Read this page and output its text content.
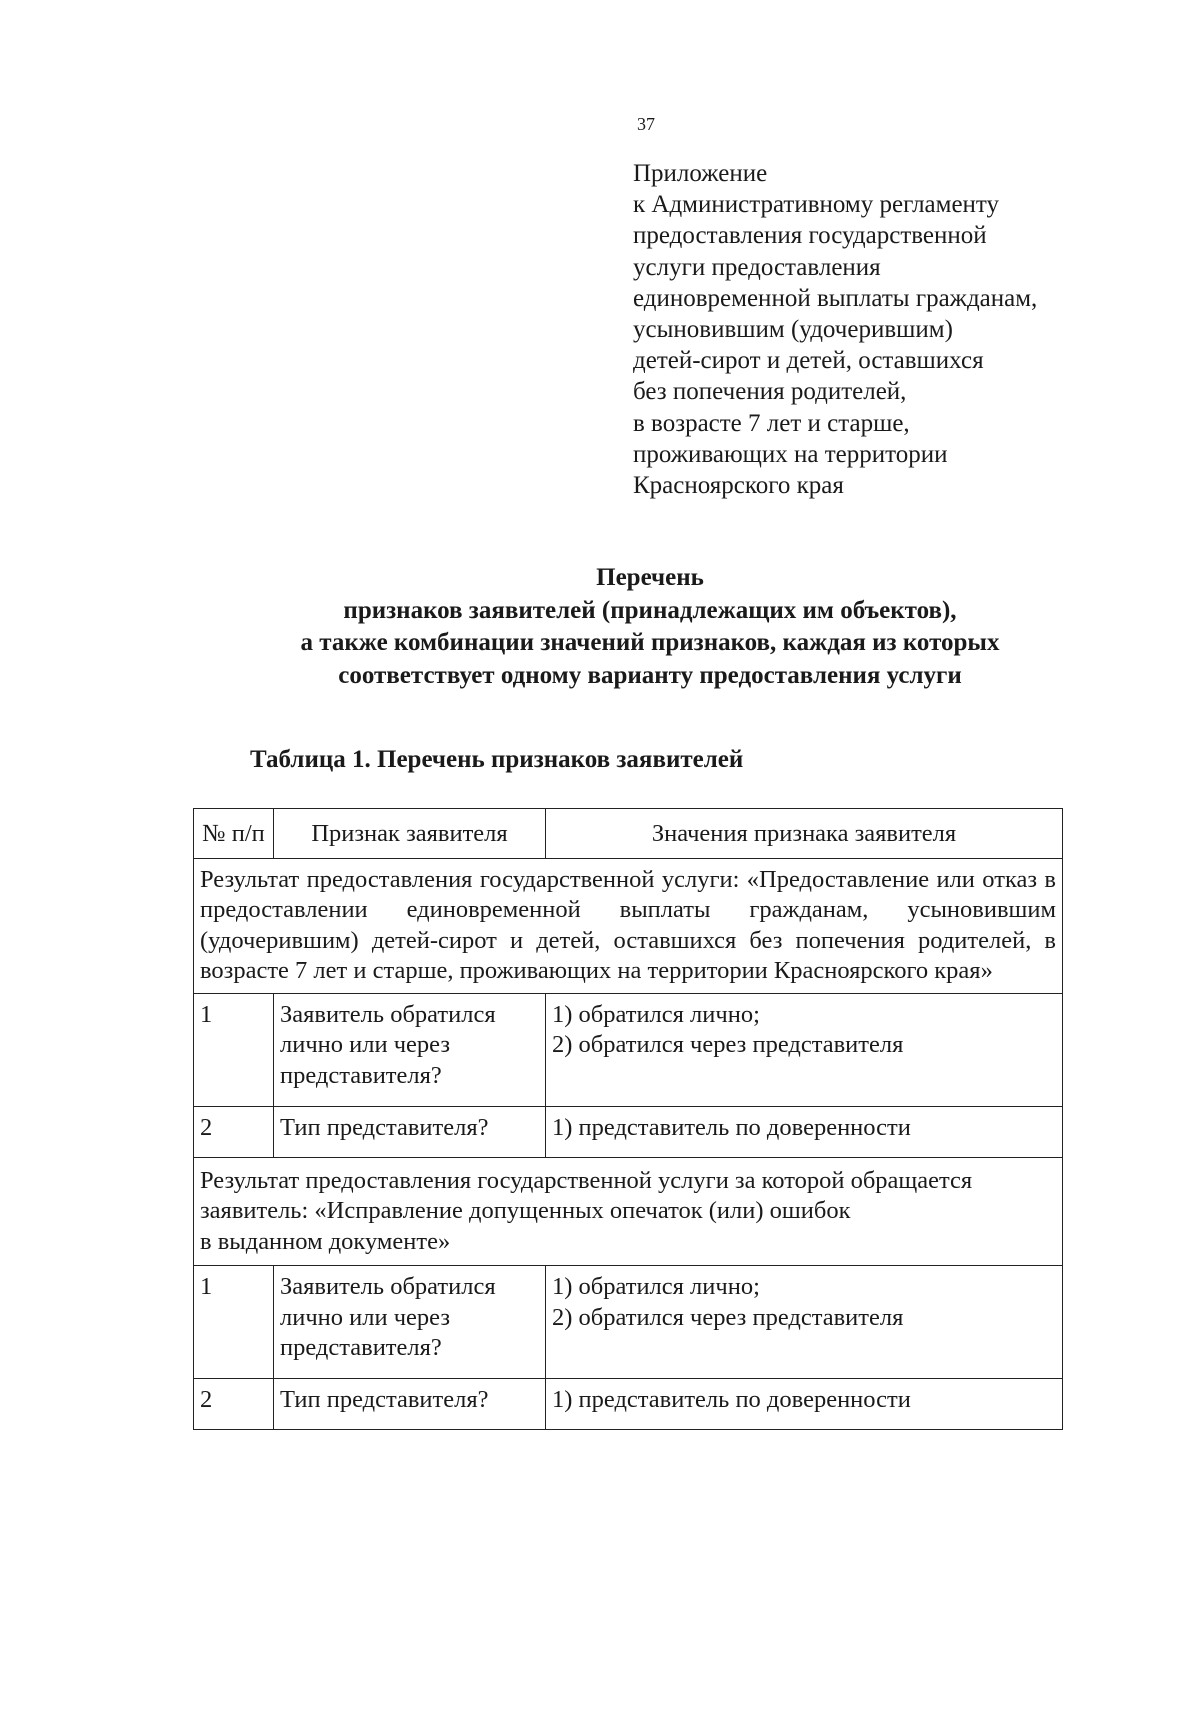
37
Приложение
к Административному регламенту
предоставления государственной
услуги предоставления
единовременной выплаты гражданам,
усыновившим (удочерившим)
детей-сирот и детей, оставшихся
без попечения родителей,
в возрасте 7 лет и старше,
проживающих на территории
Красноярского края
Перечень
признаков заявителей (принадлежащих им объектов),
а также комбинации значений признаков, каждая из которых
соответствует одному варианту предоставления услуги
Таблица 1. Перечень признаков заявителей
№ п/п	Признак заявителя	Значения признака заявителя
Результат предоставления государственной услуги: «Предоставление или отказ в предоставлении единовременной выплаты гражданам, усыновившим (удочерившим) детей-сирот и детей, оставшихся без попечения родителей, в возрасте 7 лет и старше, проживающих на территории Красноярского края»		
1	Заявитель обратился лично или через представителя?	1) обратился лично;
2) обратился через представителя

2	Тип представителя?	1) представитель по доверенности

Результат предоставления государственной услуги за которой обращается
заявитель: «Исправление допущенных опечаток (или) ошибок
в выданном документе»		

1	Заявитель обратился лично или через представителя?	1) обратился лично;
2) обратился через представителя

2	Тип представителя?	1) представитель по доверенности
